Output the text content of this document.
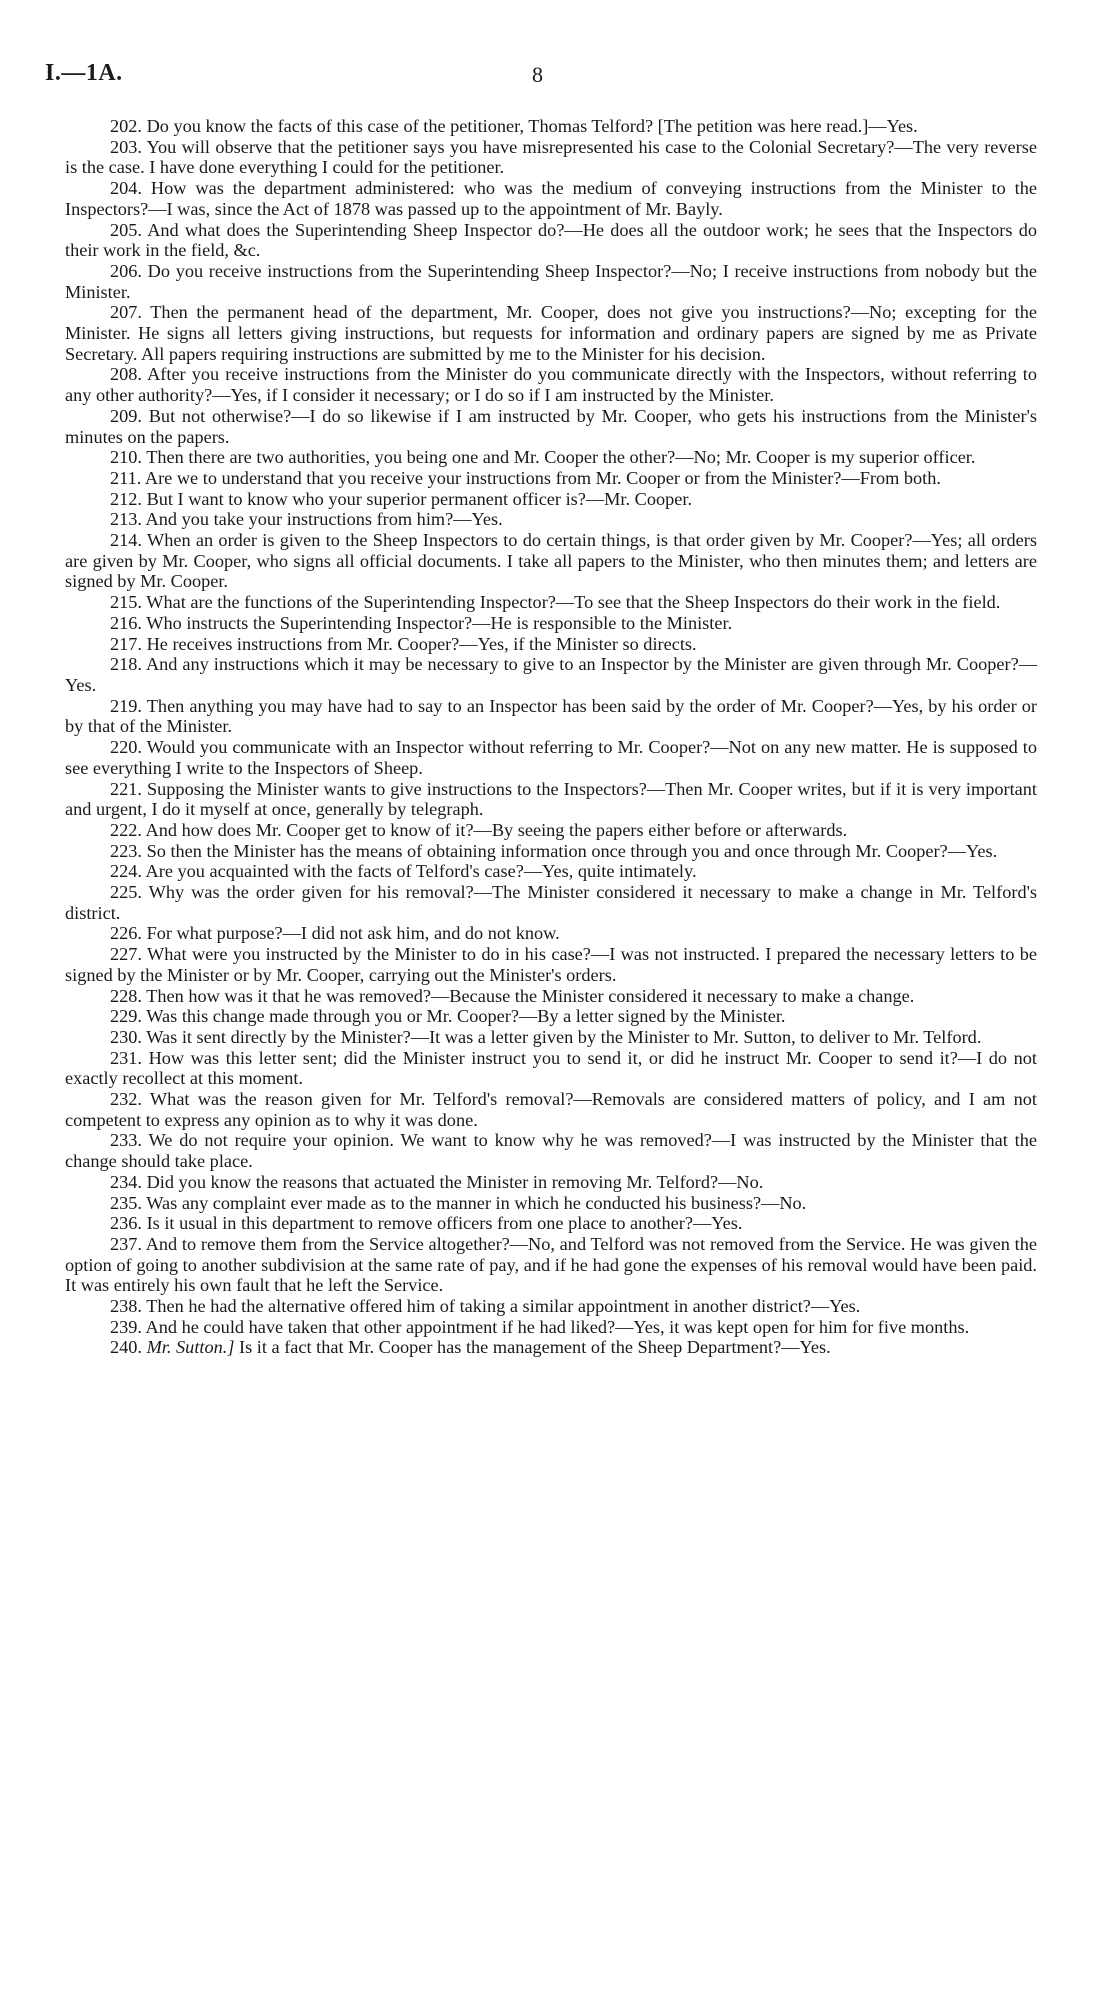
I.—1A.	8

202. Do you know the facts of this case of the petitioner, Thomas Telford? [The petition was here read.]—Yes.

203. You will observe that the petitioner says you have misrepresented his case to the Colonial Secretary?—The very reverse is the case. I have done everything I could for the petitioner.

204. How was the department administered: who was the medium of conveying instructions from the Minister to the Inspectors?—I was, since the Act of 1878 was passed up to the appointment of Mr. Bayly.

205. And what does the Superintending Sheep Inspector do?—He does all the outdoor work; he sees that the Inspectors do their work in the field, &c.

206. Do you receive instructions from the Superintending Sheep Inspector?—No; I receive instructions from nobody but the Minister.

207. Then the permanent head of the department, Mr. Cooper, does not give you instructions?—No; excepting for the Minister. He signs all letters giving instructions, but requests for information and ordinary papers are signed by me as Private Secretary. All papers requiring instructions are submitted by me to the Minister for his decision.

208. After you receive instructions from the Minister do you communicate directly with the Inspectors, without referring to any other authority?—Yes, if I consider it necessary; or I do so if I am instructed by the Minister.

209. But not otherwise?—I do so likewise if I am instructed by Mr. Cooper, who gets his instructions from the Minister's minutes on the papers.

210. Then there are two authorities, you being one and Mr. Cooper the other?—No; Mr. Cooper is my superior officer.

211. Are we to understand that you receive your instructions from Mr. Cooper or from the Minister?—From both.

212. But I want to know who your superior permanent officer is?—Mr. Cooper.

213. And you take your instructions from him?—Yes.

214. When an order is given to the Sheep Inspectors to do certain things, is that order given by Mr. Cooper?—Yes; all orders are given by Mr. Cooper, who signs all official documents. I take all papers to the Minister, who then minutes them; and letters are signed by Mr. Cooper.

215. What are the functions of the Superintending Inspector?—To see that the Sheep Inspectors do their work in the field.

216. Who instructs the Superintending Inspector?—He is responsible to the Minister.

217. He receives instructions from Mr. Cooper?—Yes, if the Minister so directs.

218. And any instructions which it may be necessary to give to an Inspector by the Minister are given through Mr. Cooper?—Yes.

219. Then anything you may have had to say to an Inspector has been said by the order of Mr. Cooper?—Yes, by his order or by that of the Minister.

220. Would you communicate with an Inspector without referring to Mr. Cooper?—Not on any new matter. He is supposed to see everything I write to the Inspectors of Sheep.

221. Supposing the Minister wants to give instructions to the Inspectors?—Then Mr. Cooper writes, but if it is very important and urgent, I do it myself at once, generally by telegraph.

222. And how does Mr. Cooper get to know of it?—By seeing the papers either before or afterwards.

223. So then the Minister has the means of obtaining information once through you and once through Mr. Cooper?—Yes.

224. Are you acquainted with the facts of Telford's case?—Yes, quite intimately.

225. Why was the order given for his removal?—The Minister considered it necessary to make a change in Mr. Telford's district.

226. For what purpose?—I did not ask him, and do not know.

227. What were you instructed by the Minister to do in his case?—I was not instructed. I prepared the necessary letters to be signed by the Minister or by Mr. Cooper, carrying out the Minister's orders.

228. Then how was it that he was removed?—Because the Minister considered it necessary to make a change.

229. Was this change made through you or Mr. Cooper?—By a letter signed by the Minister.

230. Was it sent directly by the Minister?—It was a letter given by the Minister to Mr. Sutton, to deliver to Mr. Telford.

231. How was this letter sent; did the Minister instruct you to send it, or did he instruct Mr. Cooper to send it?—I do not exactly recollect at this moment.

232. What was the reason given for Mr. Telford's removal?—Removals are considered matters of policy, and I am not competent to express any opinion as to why it was done.

233. We do not require your opinion. We want to know why he was removed?—I was instructed by the Minister that the change should take place.

234. Did you know the reasons that actuated the Minister in removing Mr. Telford?—No.

235. Was any complaint ever made as to the manner in which he conducted his business?—No.

236. Is it usual in this department to remove officers from one place to another?—Yes.

237. And to remove them from the Service altogether?—No, and Telford was not removed from the Service. He was given the option of going to another subdivision at the same rate of pay, and if he had gone the expenses of his removal would have been paid. It was entirely his own fault that he left the Service.

238. Then he had the alternative offered him of taking a similar appointment in another district?—Yes.

239. And he could have taken that other appointment if he had liked?—Yes, it was kept open for him for five months.

240. Mr. Sutton.] Is it a fact that Mr. Cooper has the management of the Sheep Department?—Yes.
